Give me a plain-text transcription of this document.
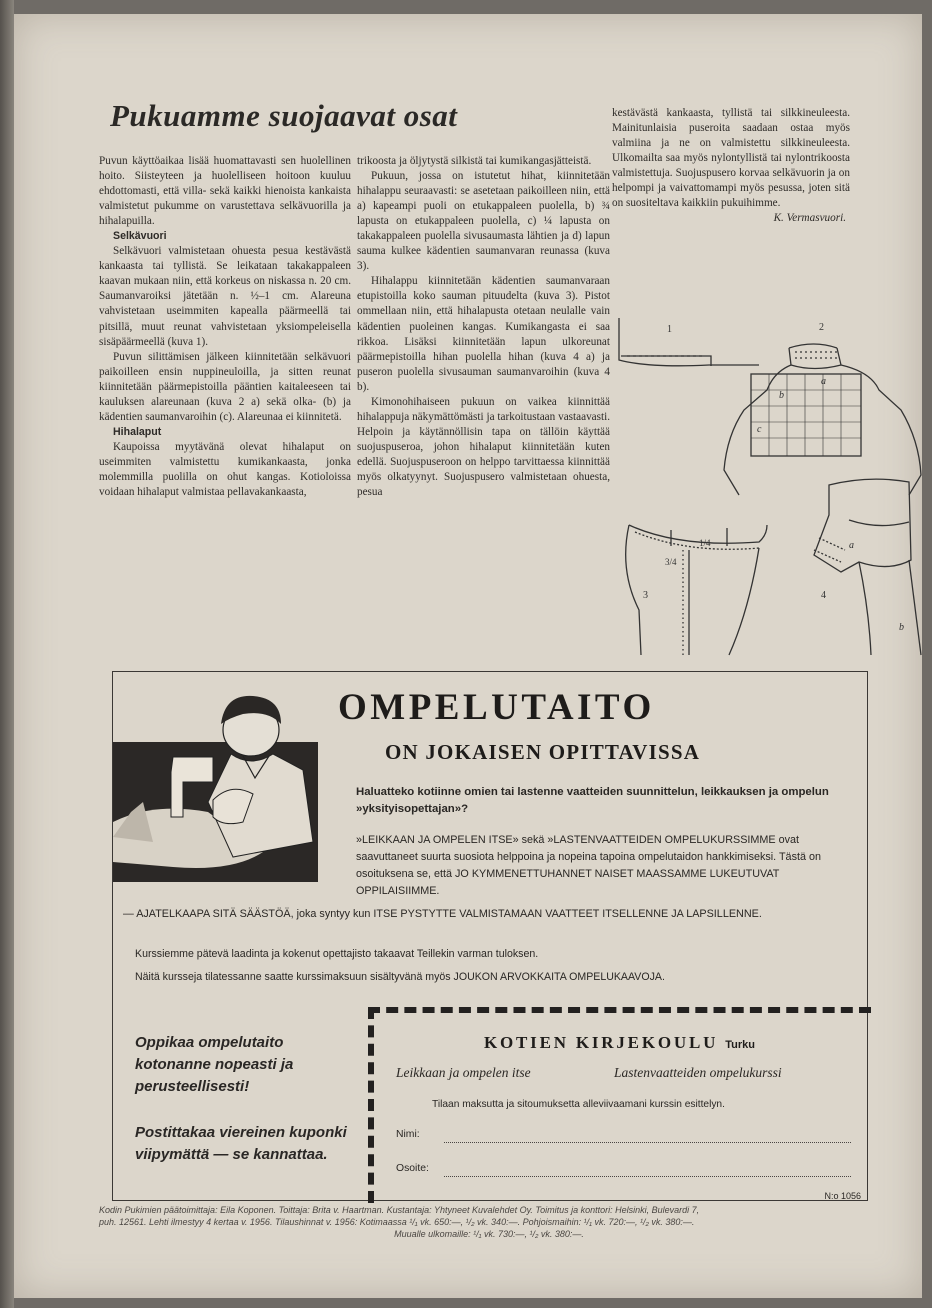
Pukuamme suojaavat osat

Puvun käyttöaikaa lisää huomattavasti sen huolellinen hoito. Siisteyteen ja huolelliseen hoitoon kuuluu ehdottomasti, että villa- sekä kaikki hienoista kankaista valmistetut pukumme on varustettava selkävuorilla ja hihalapuilla.

Selkävuori

Selkävuori valmistetaan ohuesta pesua kestävästä kankaasta tai tyllistä. Se leikataan takakappaleen kaavan mukaan niin, että korkeus on niskassa n. 20 cm. Saumanvaroiksi jätetään n. ½–1 cm. Alareuna vahvistetaan useimmiten kapealla päärmeellä tai pitsillä, muut reunat vahvistetaan yksiompeleisella sisäpäärmeellä (kuva 1).

Puvun silittämisen jälkeen kiinnitetään selkävuori paikoilleen ensin nuppineuloilla, ja sitten reunat kiinnitetään päärmepistoilla pääntien kaitaleeseen tai kauluksen alareunaan (kuva 2 a) sekä olka- (b) ja kädentien saumanvaroihin (c). Alareunaa ei kiinnitetä.

Hihalaput

Kaupoissa myytävänä olevat hihalaput on useimmiten valmistettu kumikankaasta, jonka molemmilla puolilla on ohut kangas. Kotioloissa voidaan hihalaput valmistaa pellavakankaasta,

trikoosta ja öljytystä silkistä tai kumikangasjätteistä.

Pukuun, jossa on istutetut hihat, kiinnitetään hihalappu seuraavasti: se asetetaan paikoilleen niin, että a) kapeampi puoli on etukappaleen puolella, b) ¾ lapusta on etukappaleen puolella, c) ¼ lapusta on takakappaleen puolella sivusaumasta lähtien ja d) lapun sauma kulkee kädentien saumanvaran reunassa (kuva 3).

Hihalappu kiinnitetään kädentien saumanvaraan etupistoilla koko sauman pituudelta (kuva 3). Pistot ommellaan niin, että hihalapusta otetaan neulalle vain kädentien puoleinen kangas. Kumikangasta ei saa rikkoa. Lisäksi kiinnitetään lapun ulkoreunat päärmepistoilla hihan puolella hihan (kuva 4 a) ja puseron puolella sivusauman saumanvaroihin (kuva 4 b).

Kimonohihaiseen pukuun on vaikea kiinnittää hihalappuja näkymättömästi ja tarkoitustaan vastaavasti. Helpoin ja käytännöllisin tapa on tällöin käyttää suojuspuseroa, johon hihalaput kiinnitetään kuten edellä. Suojuspuseroon on helppo tarvittaessa kiinnittää myös olkatyynyt. Suojuspusero valmistetaan ohuesta, pesua

kestävästä kankaasta, tyllistä tai silkkineuleesta. Mainitunlaisia puseroita saadaan ostaa myös valmiina ja ne on valmistettu silkkineuleesta. Ulkomailta saa myös nylontyllistä tai nylontrikoosta valmistettuja. Suojuspusero korvaa selkävuorin ja on helpompi ja vaivattomampi myös pesussa, joten sitä on suositeltava kaikkiin pukuihimme.

K. Vermasvuori.

1	2
b
a
c
3/4
1/4
3
a
b
4
OMPELUTAITO
ON JOKAISEN OPITTAVISSA

Haluatteko kotiinne omien tai lastenne vaatteiden suunnittelun, leikkauksen ja ompelun »yksityisopettajan»?

»LEIKKAAN JA OMPELEN ITSE» sekä »LASTENVAATTEIDEN OMPELUKURSSIMME ovat saavuttaneet suurta suosiota helppoina ja nopeina tapoina ompelutaidon hankkimiseksi. Tästä on osoituksena se, että JO KYMMENETTUHANNET NAISET MAASSAMME LUKEUTUVAT OPPILAISIIMME.

— AJATELKAAPA SITÄ SÄÄSTÖÄ, joka syntyy kun ITSE PYSTYTTE VALMISTAMAAN VAATTEET ITSELLENNE JA LAPSILLENNE.

Kurssiemme pätevä laadinta ja kokenut opettajisto takaavat Teillekin varman tuloksen.

Näitä kursseja tilatessanne saatte kurssimaksuun sisältyvänä myös JOUKON ARVOKKAITA OMPELUKAAVOJA.

Oppikaa ompelutaito kotonanne nopeasti ja perusteellisesti!

Postittakaa viereinen kuponki viipymättä — se kannattaa.

KOTIEN KIRJEKOULU Turku
Leikkaan ja ompelen itse	Lastenvaatteiden ompelukurssi

Tilaan maksutta ja sitoumuksetta alleviivaamani kurssin esittelyn.

Nimi:
Osoite:
N:o 1056

Kodin Pukimien päätoimittaja: Eila Koponen. Toittaja: Brita v. Haartman. Kustantaja: Yhtyneet Kuvalehdet Oy. Toimitus ja konttori: Helsinki, Bulevardi 7,
puh. 12561. Lehti ilmestyy 4 kertaa v. 1956. Tilaushinnat v. 1956: Kotimaassa ¹/₁ vk. 650:—, ¹/₂ vk. 340:—. Pohjoismaihin: ¹/₁ vk. 720:—, ¹/₂ vk. 380:—.
Muualle ulkomaille: ¹/₁ vk. 730:—, ¹/₂ vk. 380:—.
